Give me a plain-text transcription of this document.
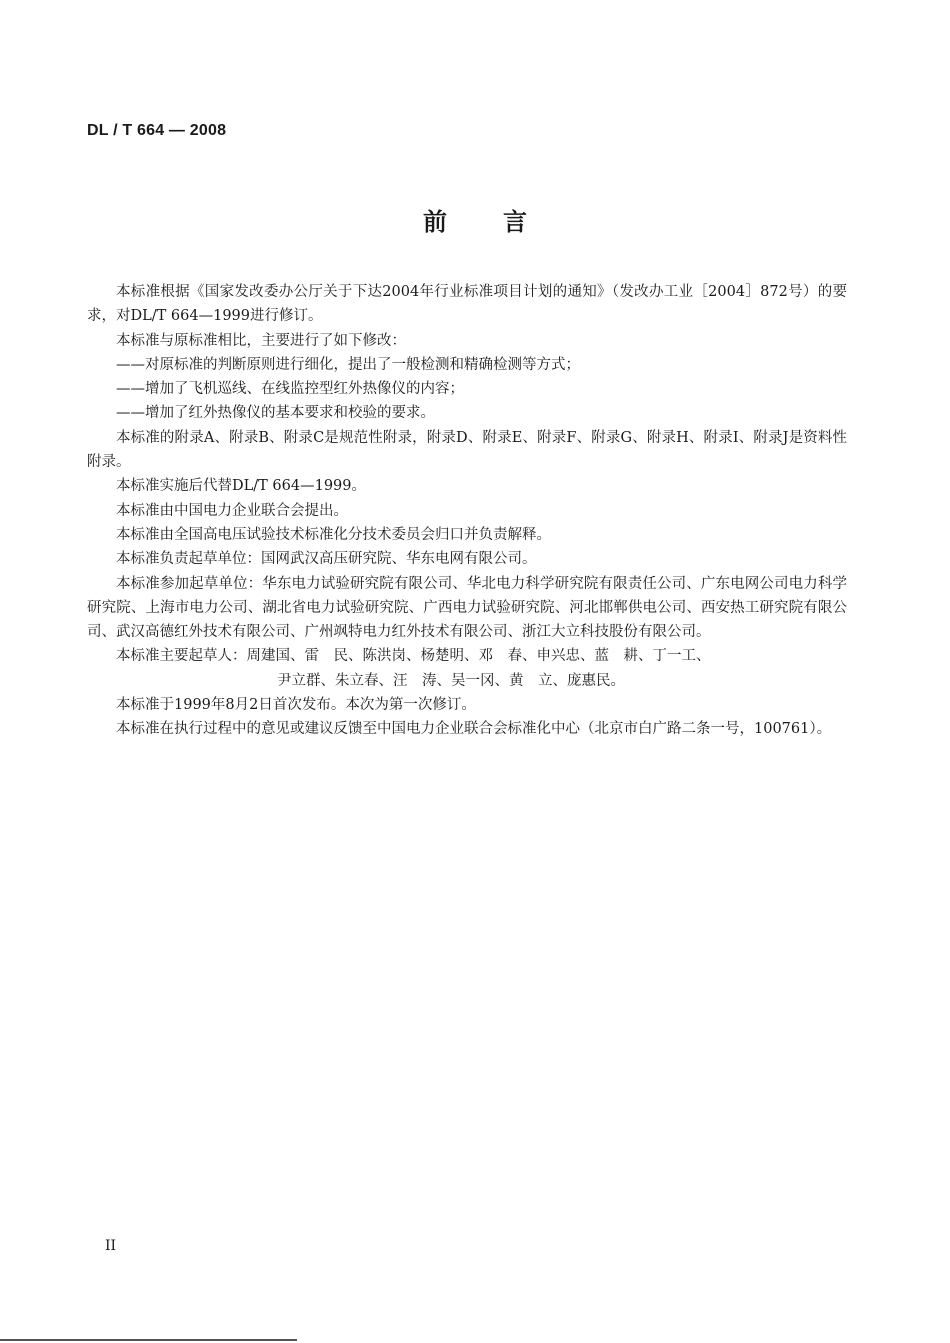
DL / T 664 — 2008
前言

本标准根据《国家发改委办公厅关于下达2004年行业标准项目计划的通知》（发改办工业［2004］872号）的要求，对DL/T 664—1999进行修订。

本标准与原标准相比，主要进行了如下修改：

——对原标准的判断原则进行细化，提出了一般检测和精确检测等方式；

——增加了飞机巡线、在线监控型红外热像仪的内容；

——增加了红外热像仪的基本要求和校验的要求。

本标准的附录A、附录B、附录C是规范性附录，附录D、附录E、附录F、附录G、附录H、附录I、附录J是资料性附录。

本标准实施后代替DL/T 664—1999。

本标准由中国电力企业联合会提出。

本标准由全国高电压试验技术标准化分技术委员会归口并负责解释。

本标准负责起草单位：国网武汉高压研究院、华东电网有限公司。

本标准参加起草单位：华东电力试验研究院有限公司、华北电力科学研究院有限责任公司、广东电网公司电力科学研究院、上海市电力公司、湖北省电力试验研究院、广西电力试验研究院、河北邯郸供电公司、西安热工研究院有限公司、武汉高德红外技术有限公司、广州飒特电力红外技术有限公司、浙江大立科技股份有限公司。

本标准主要起草人：周建国、雷　民、陈洪岗、杨楚明、邓　春、申兴忠、蓝　耕、丁一工、

尹立群、朱立春、汪　涛、吴一冈、黄　立、庞惠民。

本标准于1999年8月2日首次发布。本次为第一次修订。

本标准在执行过程中的意见或建议反馈至中国电力企业联合会标准化中心（北京市白广路二条一号，100761）。

II
